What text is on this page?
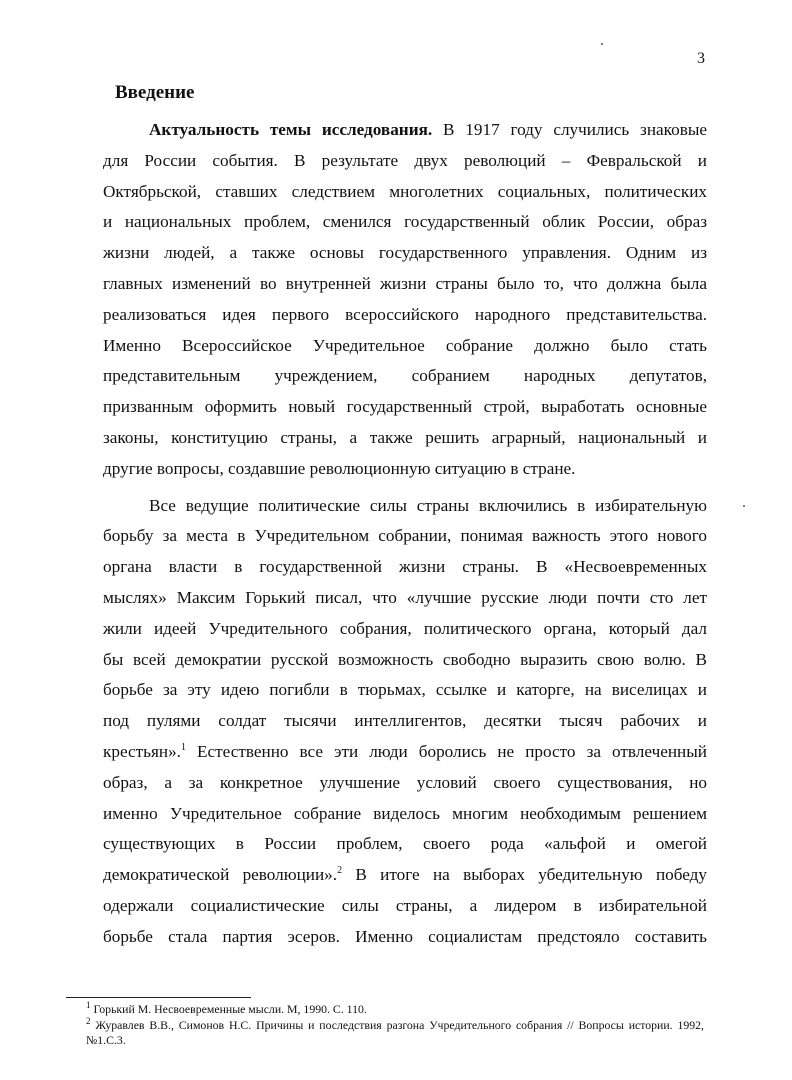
3
Введение
Актуальность темы исследования. В 1917 году случились знаковые
для России события. В результате двух революций – Февральской и
Октябрьской, ставших следствием многолетних социальных, политических
и национальных проблем, сменился государственный облик России, образ
жизни людей, а также основы государственного управления. Одним из
главных изменений во внутренней жизни страны было то, что должна была
реализоваться идея первого всероссийского народного представительства.
Именно Всероссийское Учредительное собрание должно было стать
представительным учреждением, собранием народных депутатов,
призванным оформить новый государственный строй, выработать основные
законы, конституцию страны, а также решить аграрный, национальный и
другие вопросы, создавшие революционную ситуацию в стране.
Все ведущие политические силы страны включились в избирательную
борьбу за места в Учредительном собрании, понимая важность этого нового
органа власти в государственной жизни страны. В «Несвоевременных
мыслях» Максим Горький писал, что «лучшие русские люди почти сто лет
жили идеей Учредительного собрания, политического органа, который дал
бы всей демократии русской возможность свободно выразить свою волю. В
борьбе за эту идею погибли в тюрьмах, ссылке и каторге, на виселицах и
под пулями солдат тысячи интеллигентов, десятки тысяч рабочих и
крестьян».$^1$ Естественно все эти люди боролись не просто за отвлеченный
образ, а за конкретное улучшение условий своего существования, но
именно Учредительное собрание виделось многим необходимым решением
существующих в России проблем, своего рода «альфой и омегой
демократической революции».$^2$ В итоге на выборах убедительную победу
одержали социалистические силы страны, а лидером в избирательной
борьбе стала партия эсеров. Именно социалистам предстояло составить
$^1$ Горький М. Несвоевременные мысли. М, 1990. С. 110.
$^2$ Журавлев В.В., Симонов Н.С. Причины и последствия разгона Учредительного собрания // Вопросы истории. 1992, №1.С.3.
